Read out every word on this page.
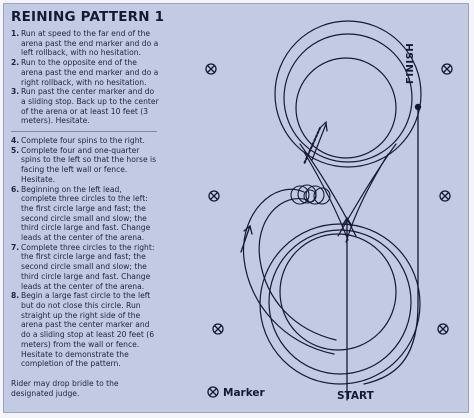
REINING PATTERN 1
1. Run at speed to the far end of the arena past the end marker and do a left rollback, with no hesitation.
2. Run to the opposite end of the arena past the end marker and do a right rollback, with no hesitation.
3. Run past the center marker and do a sliding stop. Back up to the center of the arena or at least 10 feet (3 meters). Hesitate.
4. Complete four spins to the right.
5. Complete four and one-quarter spins to the left so that the horse is facing the left wall or fence. Hesitate.
6. Beginning on the left lead, complete three circles to the left: the first circle large and fast; the second circle small and slow; the third circle large and fast. Change leads at the center of the arena.
7. Complete three circles to the right: the first circle large and fast; the second circle small and slow; the third circle large and fast. Change leads at the center of the arena.
8. Begin a large fast circle to the left but do not close this circle. Run straight up the right side of the arena past the center marker and do a sliding stop at least 20 feet (6 meters) from the wall or fence. Hesitate to demonstrate the completion of the pattern.
Rider may drop bridle to the designated judge.	Marker	START
FINISH
